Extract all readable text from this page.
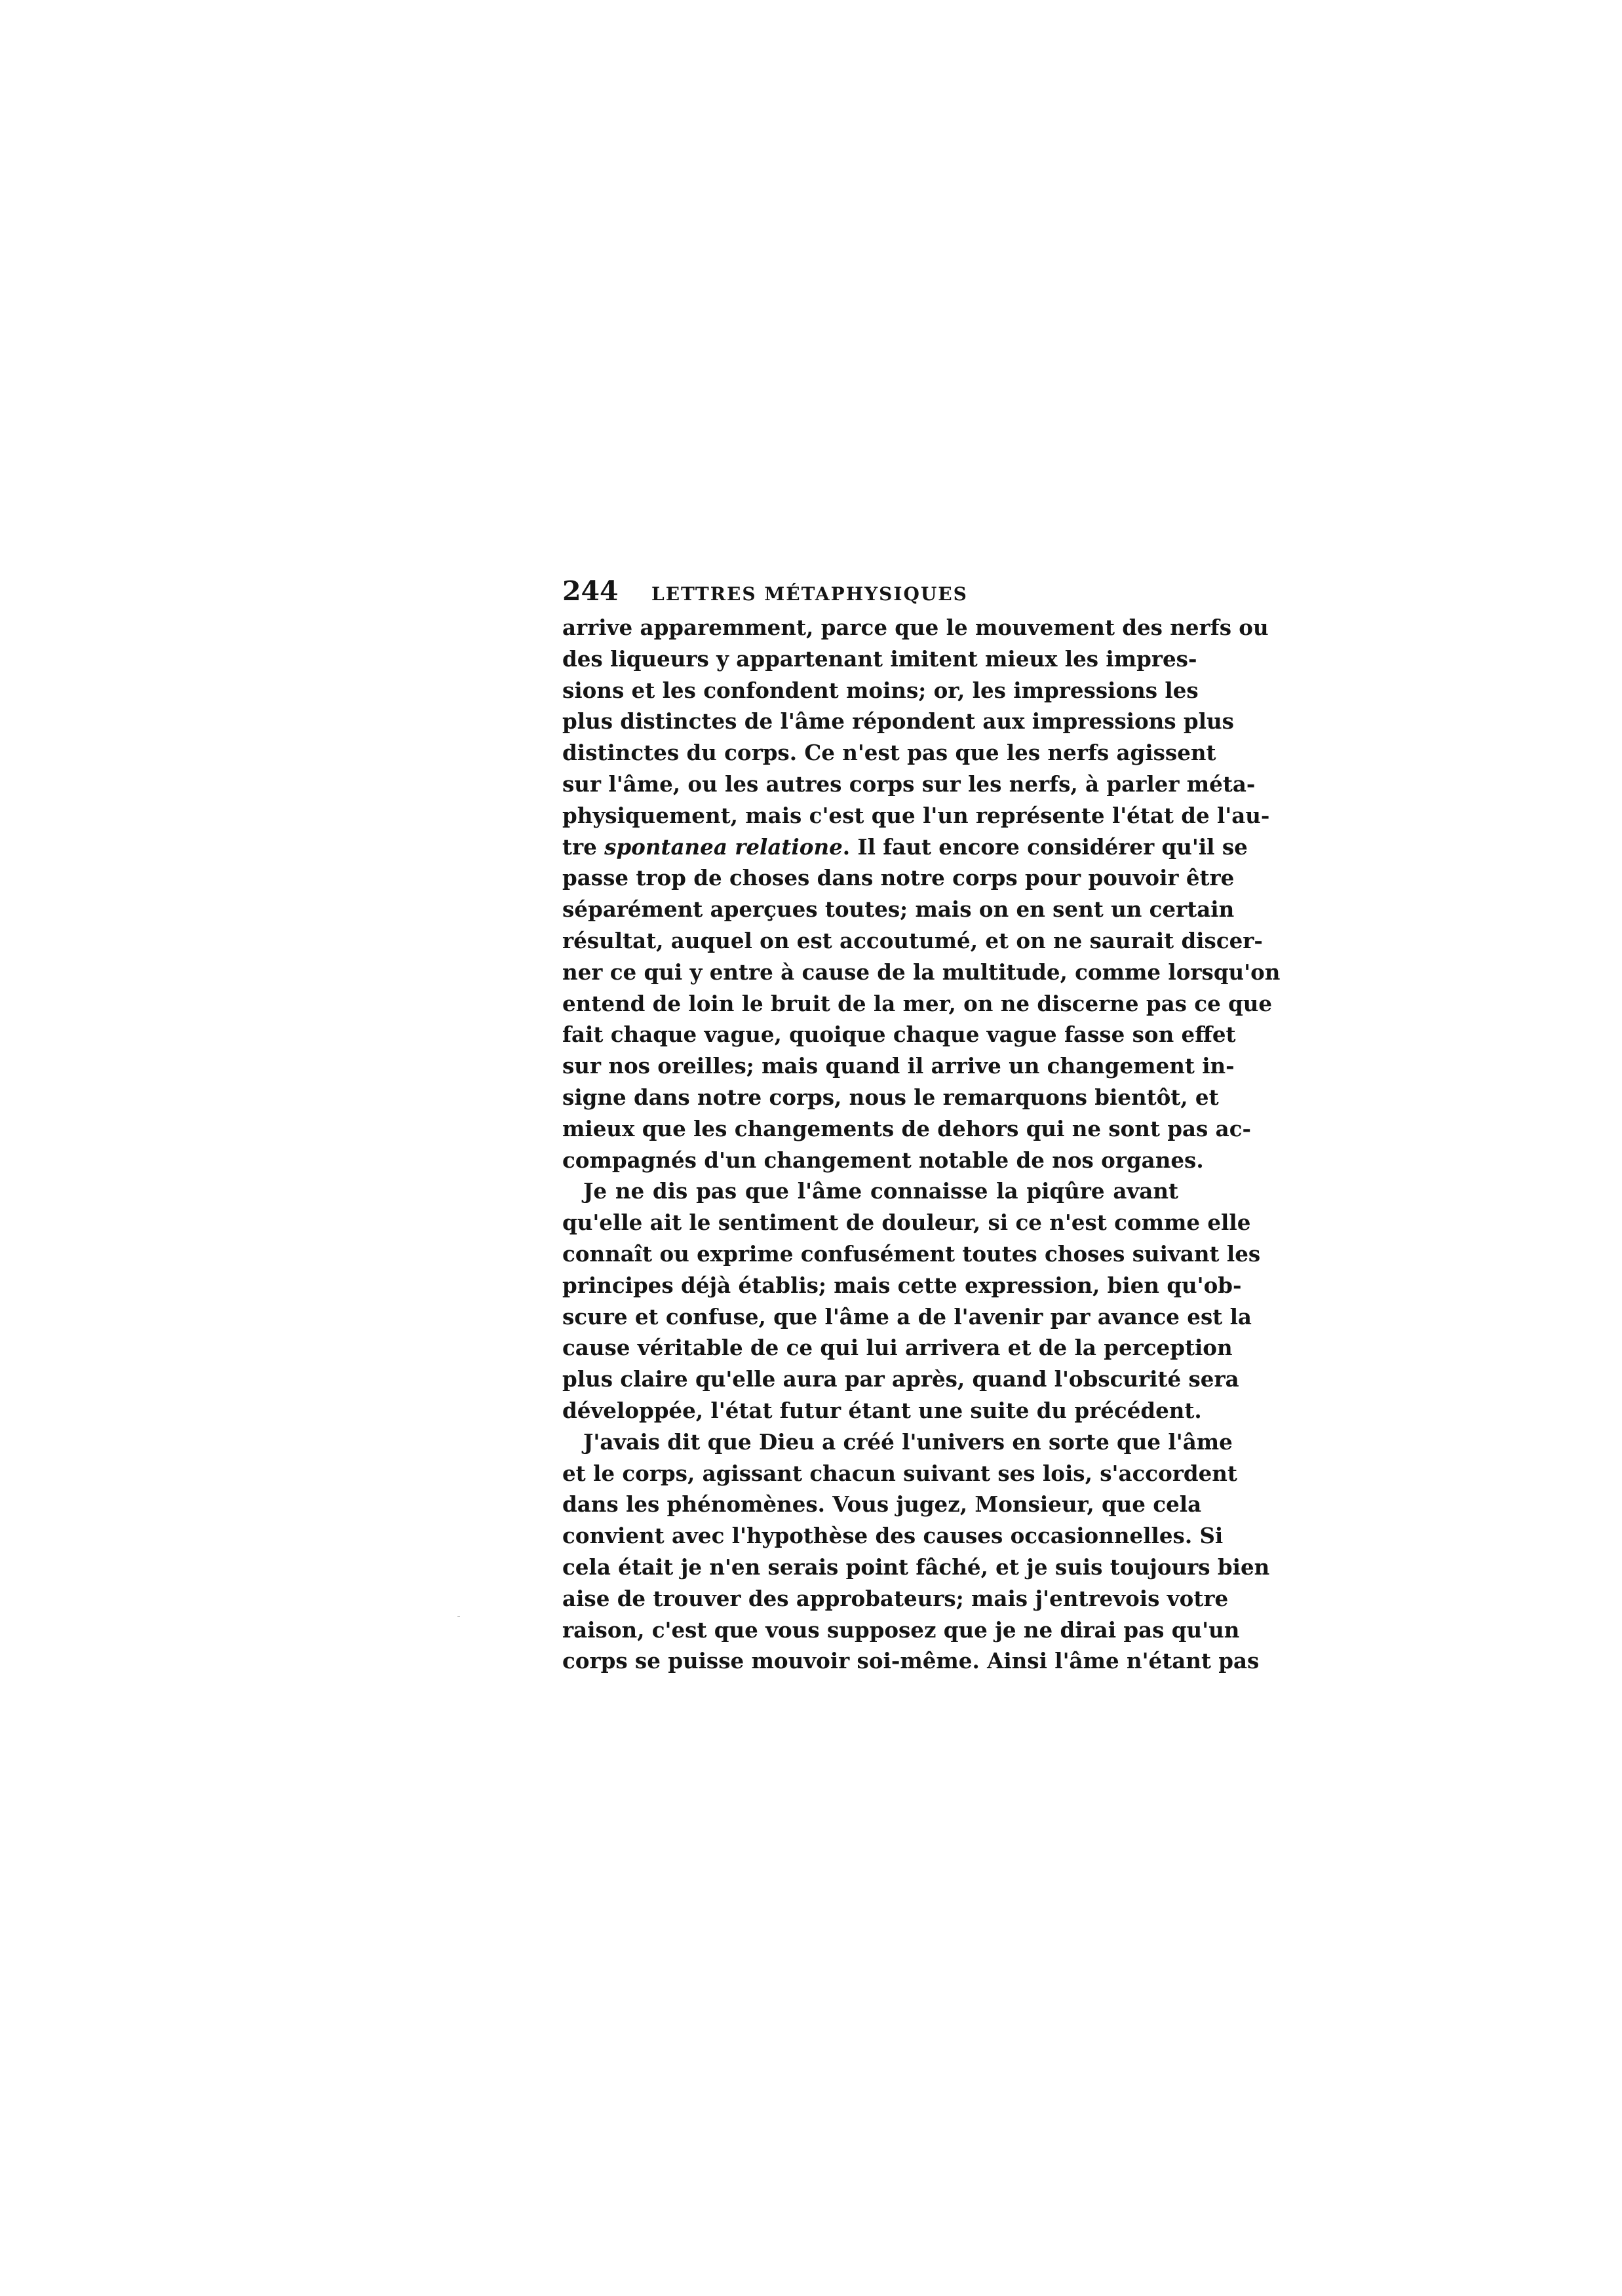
244	LETTRES MÉTAPHYSIQUES
arrive apparemment, parce que le mouvement des nerfs ou
des liqueurs y appartenant imitent mieux les impres-
sions et les confondent moins; or, les impressions les
plus distinctes de l'âme répondent aux impressions plus
distinctes du corps. Ce n'est pas que les nerfs agissent
sur l'âme, ou les autres corps sur les nerfs, à parler méta-
physiquement, mais c'est que l'un représente l'état de l'au-
tre spontanea relatione. Il faut encore considérer qu'il se
passe trop de choses dans notre corps pour pouvoir être
séparément aperçues toutes; mais on en sent un certain
résultat, auquel on est accoutumé, et on ne saurait discer-
ner ce qui y entre à cause de la multitude, comme lorsqu'on
entend de loin le bruit de la mer, on ne discerne pas ce que
fait chaque vague, quoique chaque vague fasse son effet
sur nos oreilles; mais quand il arrive un changement in-
signe dans notre corps, nous le remarquons bientôt, et
mieux que les changements de dehors qui ne sont pas ac-
compagnés d'un changement notable de nos organes.
Je ne dis pas que l'âme connaisse la piqûre avant
qu'elle ait le sentiment de douleur, si ce n'est comme elle
connaît ou exprime confusément toutes choses suivant les
principes déjà établis; mais cette expression, bien qu'ob-
scure et confuse, que l'âme a de l'avenir par avance est la
cause véritable de ce qui lui arrivera et de la perception
plus claire qu'elle aura par après, quand l'obscurité sera
développée, l'état futur étant une suite du précédent.
J'avais dit que Dieu a créé l'univers en sorte que l'âme
et le corps, agissant chacun suivant ses lois, s'accordent
dans les phénomènes. Vous jugez, Monsieur, que cela
convient avec l'hypothèse des causes occasionnelles. Si
cela était je n'en serais point fâché, et je suis toujours bien
aise de trouver des approbateurs; mais j'entrevois votre
raison, c'est que vous supposez que je ne dirai pas qu'un
corps se puisse mouvoir soi-même. Ainsi l'âme n'étant pas
